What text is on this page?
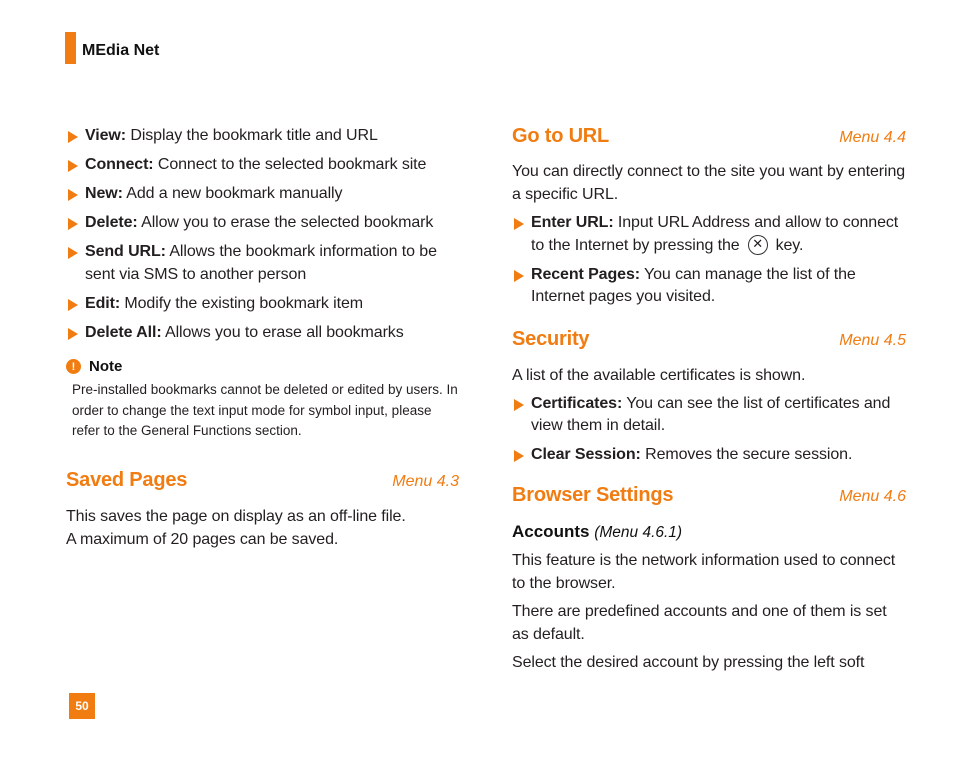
MEdia Net
View: Display the bookmark title and URL
Connect: Connect to the selected bookmark site
New: Add a new bookmark manually
Delete: Allow you to erase the selected bookmark
Send URL: Allows the bookmark information to be sent via SMS to another person
Edit: Modify the existing bookmark item
Delete All: Allows you to erase all bookmarks
! Note
Pre-installed bookmarks cannot be deleted or edited by users. In order to change the text input mode for symbol input, please refer to the General Functions section.
Saved Pages	Menu 4.3
This saves the page on display as an off-line file.
A maximum of 20 pages can be saved.
Go to URL	Menu 4.4
You can directly connect to the site you want by entering a specific URL.
Enter URL: Input URL Address and allow to connect to the Internet by pressing the ✕ key.
Recent Pages: You can manage the list of the Internet pages you visited.
Security	Menu 4.5
A list of the available certificates is shown.
Certificates: You can see the list of certificates and view them in detail.
Clear Session: Removes the secure session.
Browser Settings	Menu 4.6
Accounts (Menu 4.6.1)
This feature is the network information used to connect to the browser.
There are predefined accounts and one of them is set as default.
Select the desired account by pressing the left soft
50
